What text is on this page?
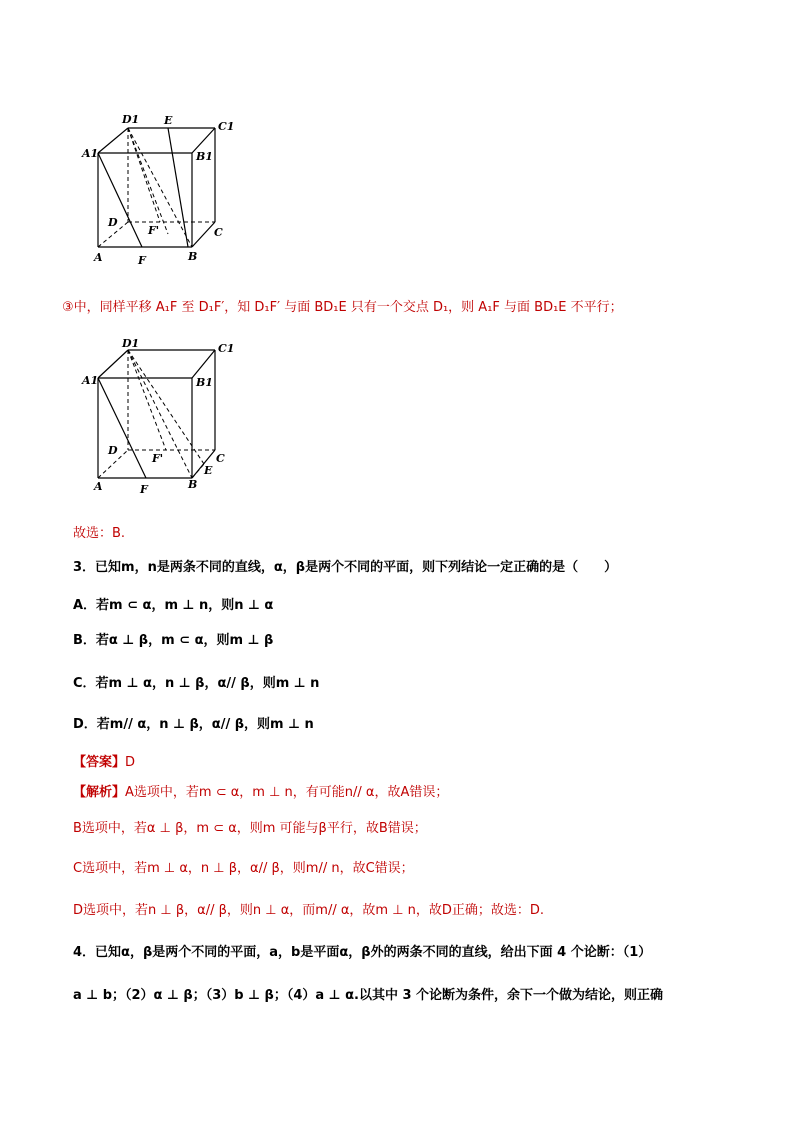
D1 E	C1
A1	B1
D
F'	C
A	F	B
③中，同样平移 A₁F 至 D₁F′，知 D₁F′ 与面 BD₁E 只有一个交点 D₁，则 A₁F 与面 BD₁E 不平行；
D1	C1
A1	B1
D
F'	C
E
A	F	B
故选：B.
3．已知m，n是两条不同的直线，α，β是两个不同的平面，则下列结论一定正确的是（　　）
A．若m ⊂ α，m ⊥ n，则n ⊥ α
B．若α ⊥ β，m ⊂ α，则m ⊥ β
C．若m ⊥ α，n ⊥ β，α// β，则m ⊥ n
D．若m// α，n ⊥ β，α// β，则m ⊥ n
【答案】D
【解析】A选项中，若m ⊂ α，m ⊥ n，有可能n// α，故A错误；
B选项中，若α ⊥ β，m ⊂ α，则m 可能与β平行，故B错误；
C选项中，若m ⊥ α，n ⊥ β，α// β，则m// n，故C错误；
D选项中，若n ⊥ β，α// β，则n ⊥ α，而m// α，故m ⊥ n，故D正确；故选：D.
4．已知α，β是两个不同的平面，a，b是平面α，β外的两条不同的直线，给出下面 4 个论断：（1）
a ⊥ b；（2）α ⊥ β；（3）b ⊥ β；（4）a ⊥ α.以其中 3 个论断为条件，余下一个做为结论，则正确
